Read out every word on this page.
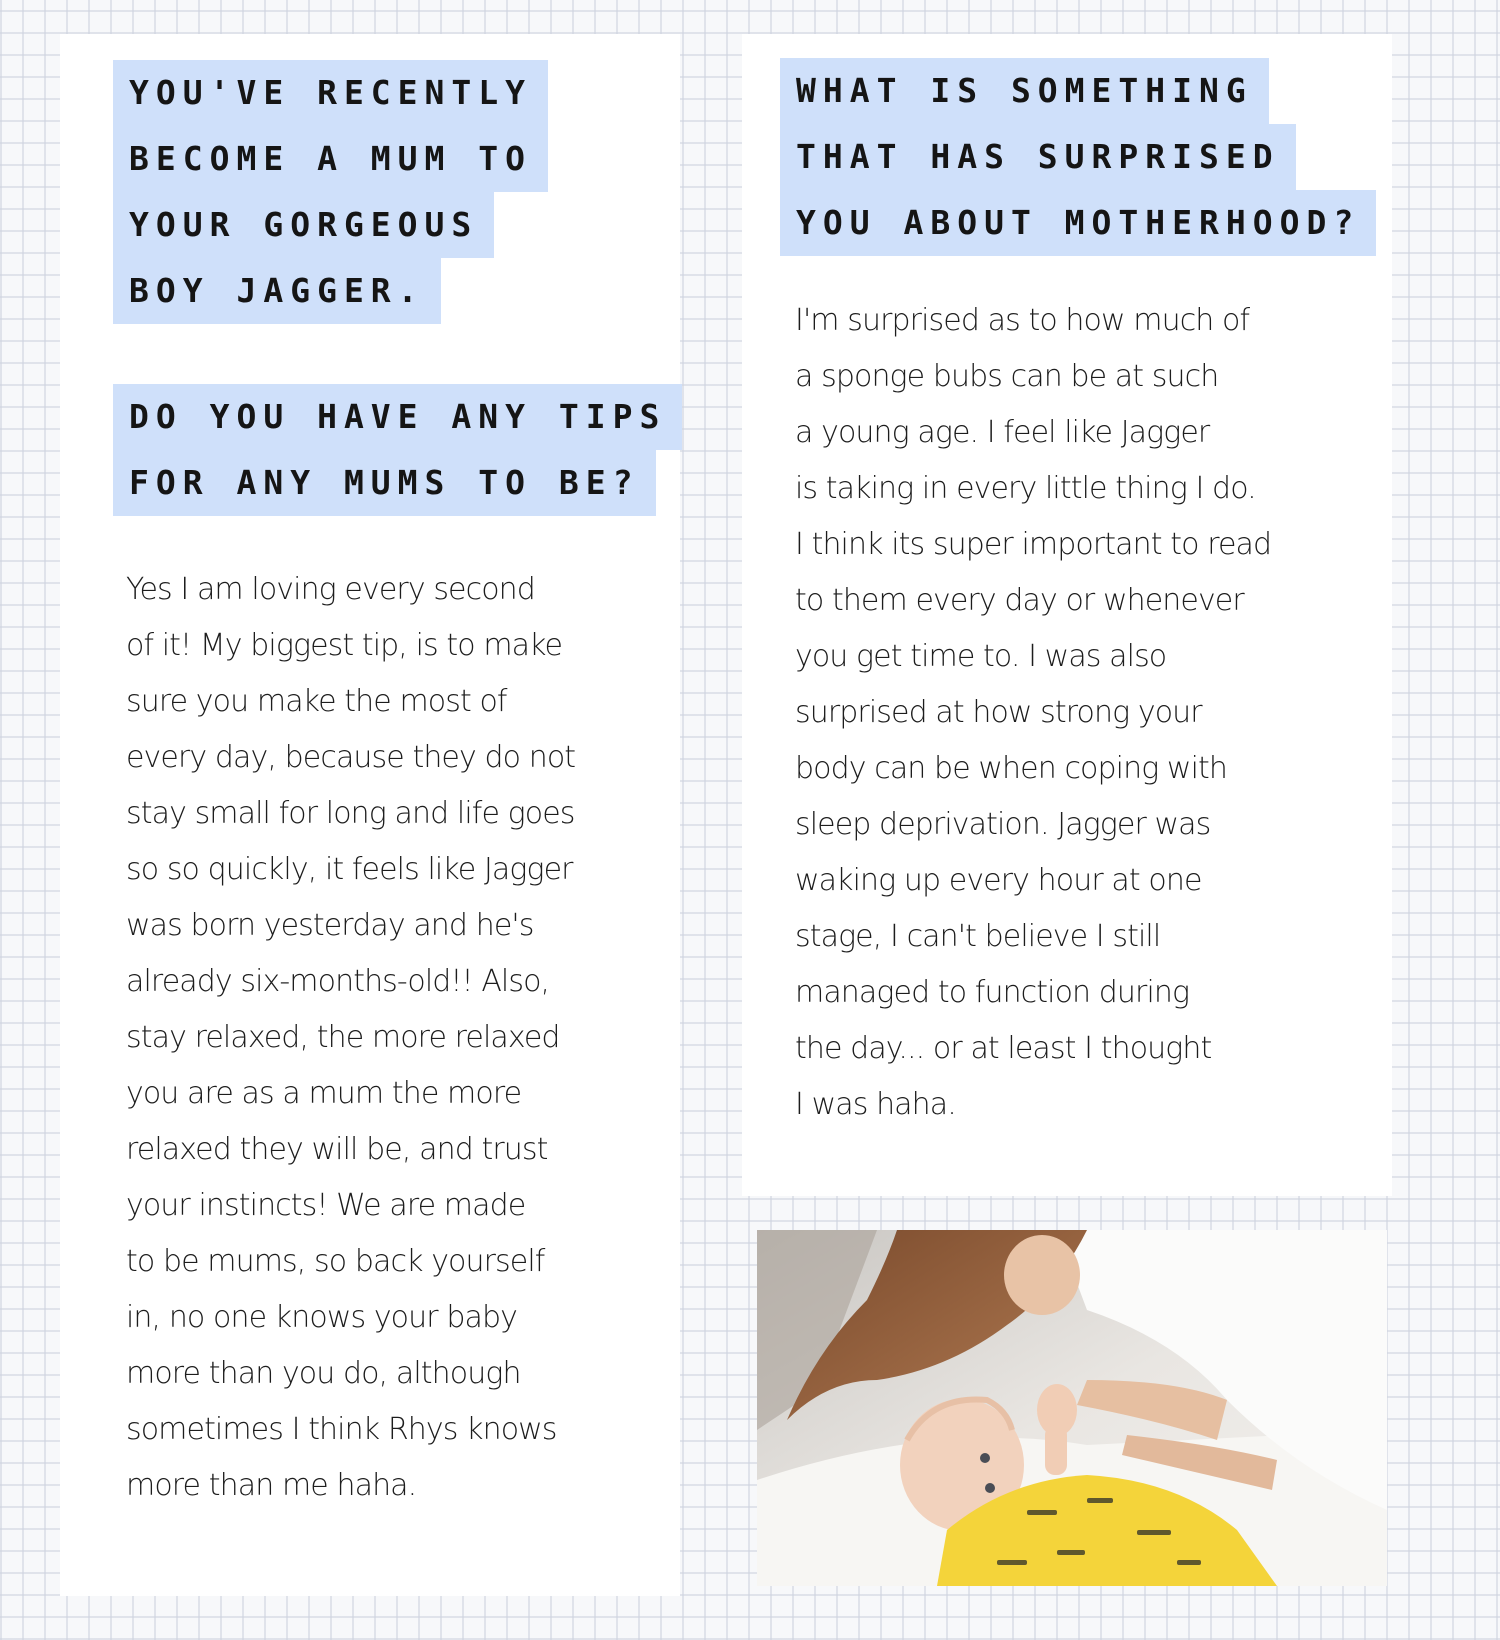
YOU'VE RECENTLY
BECOME A MUM TO
YOUR GORGEOUS
BOY JAGGER.
DO YOU HAVE ANY TIPS
FOR ANY MUMS TO BE?
Yes I am loving every second
of it! My biggest tip, is to make
sure you make the most of
every day, because they do not
stay small for long and life goes
so so quickly, it feels like Jagger
was born yesterday and he's
already six-months-old!! Also,
stay relaxed, the more relaxed
you are as a mum the more
relaxed they will be, and trust
your instincts! We are made
to be mums, so back yourself
in, no one knows your baby
more than you do, although
sometimes I think Rhys knows
more than me haha.
WHAT IS SOMETHING
THAT HAS SURPRISED
YOU ABOUT MOTHERHOOD?
I'm surprised as to how much of
a sponge bubs can be at such
a young age. I feel like Jagger
is taking in every little thing I do.
I think its super important to read
to them every day or whenever
you get time to. I was also
surprised at how strong your
body can be when coping with
sleep deprivation. Jagger was
waking up every hour at one
stage, I can't believe I still
managed to function during
the day... or at least I thought
I was haha.
